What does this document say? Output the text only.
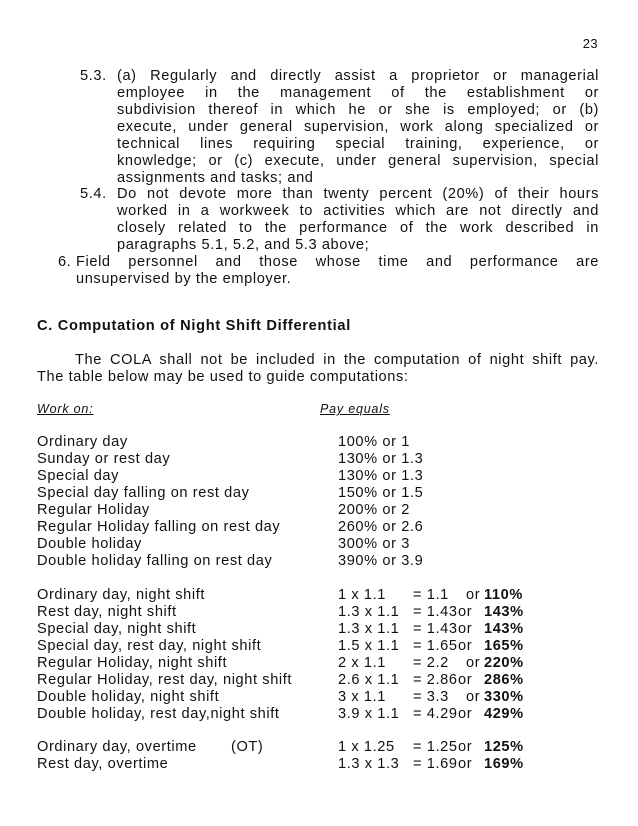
23
5.3. (a) Regularly and directly assist a proprietor or managerial
employee in the management of the establishment or
subdivision thereof in which he or she is employed; or (b)
execute, under general supervision, work along specialized or
technical lines requiring special training, experience, or
knowledge; or (c) execute, under general supervision, special
assignments and tasks; and
5.4. Do not devote more than twenty percent (20%) of their hours
worked in a workweek to activities which are not directly and
closely related to the performance of the work described in
paragraphs 5.1, 5.2, and 5.3 above;
6. Field personnel and those whose time and performance are
unsupervised by the employer.
C. Computation of Night Shift Differential
The COLA shall not be included in the computation of night shift pay.
The table below may be used to guide computations:
Work on:	Pay equals
Ordinary day	100% or 1
Sunday or rest day	130% or 1.3
Special day	130% or 1.3
Special day falling on rest day	150% or 1.5
Regular Holiday	200% or 2
Regular Holiday falling on rest day	260% or 2.6
Double holiday	300% or 3
Double holiday falling on rest day	390% or 3.9
Ordinary day, night shift	1 x 1.1 = 1.1 or 110%
Rest day, night shift	1.3 x 1.1 = 1.43 or 143%
Special day, night shift	1.3 x 1.1 = 1.43 or 143%
Special day, rest day, night shift	1.5 x 1.1 = 1.65 or 165%
Regular Holiday, night shift	2 x 1.1 = 2.2 or 220%
Regular Holiday, rest day, night shift	2.6 x 1.1 = 2.86 or 286%
Double holiday, night shift	3 x 1.1 = 3.3 or 330%
Double holiday, rest day,night shift	3.9 x 1.1 = 4.29 or 429%
Ordinary day, overtime (OT)	1 x 1.25 = 1.25 or 125%
Rest day, overtime	1.3 x 1.3 = 1.69 or 169%
